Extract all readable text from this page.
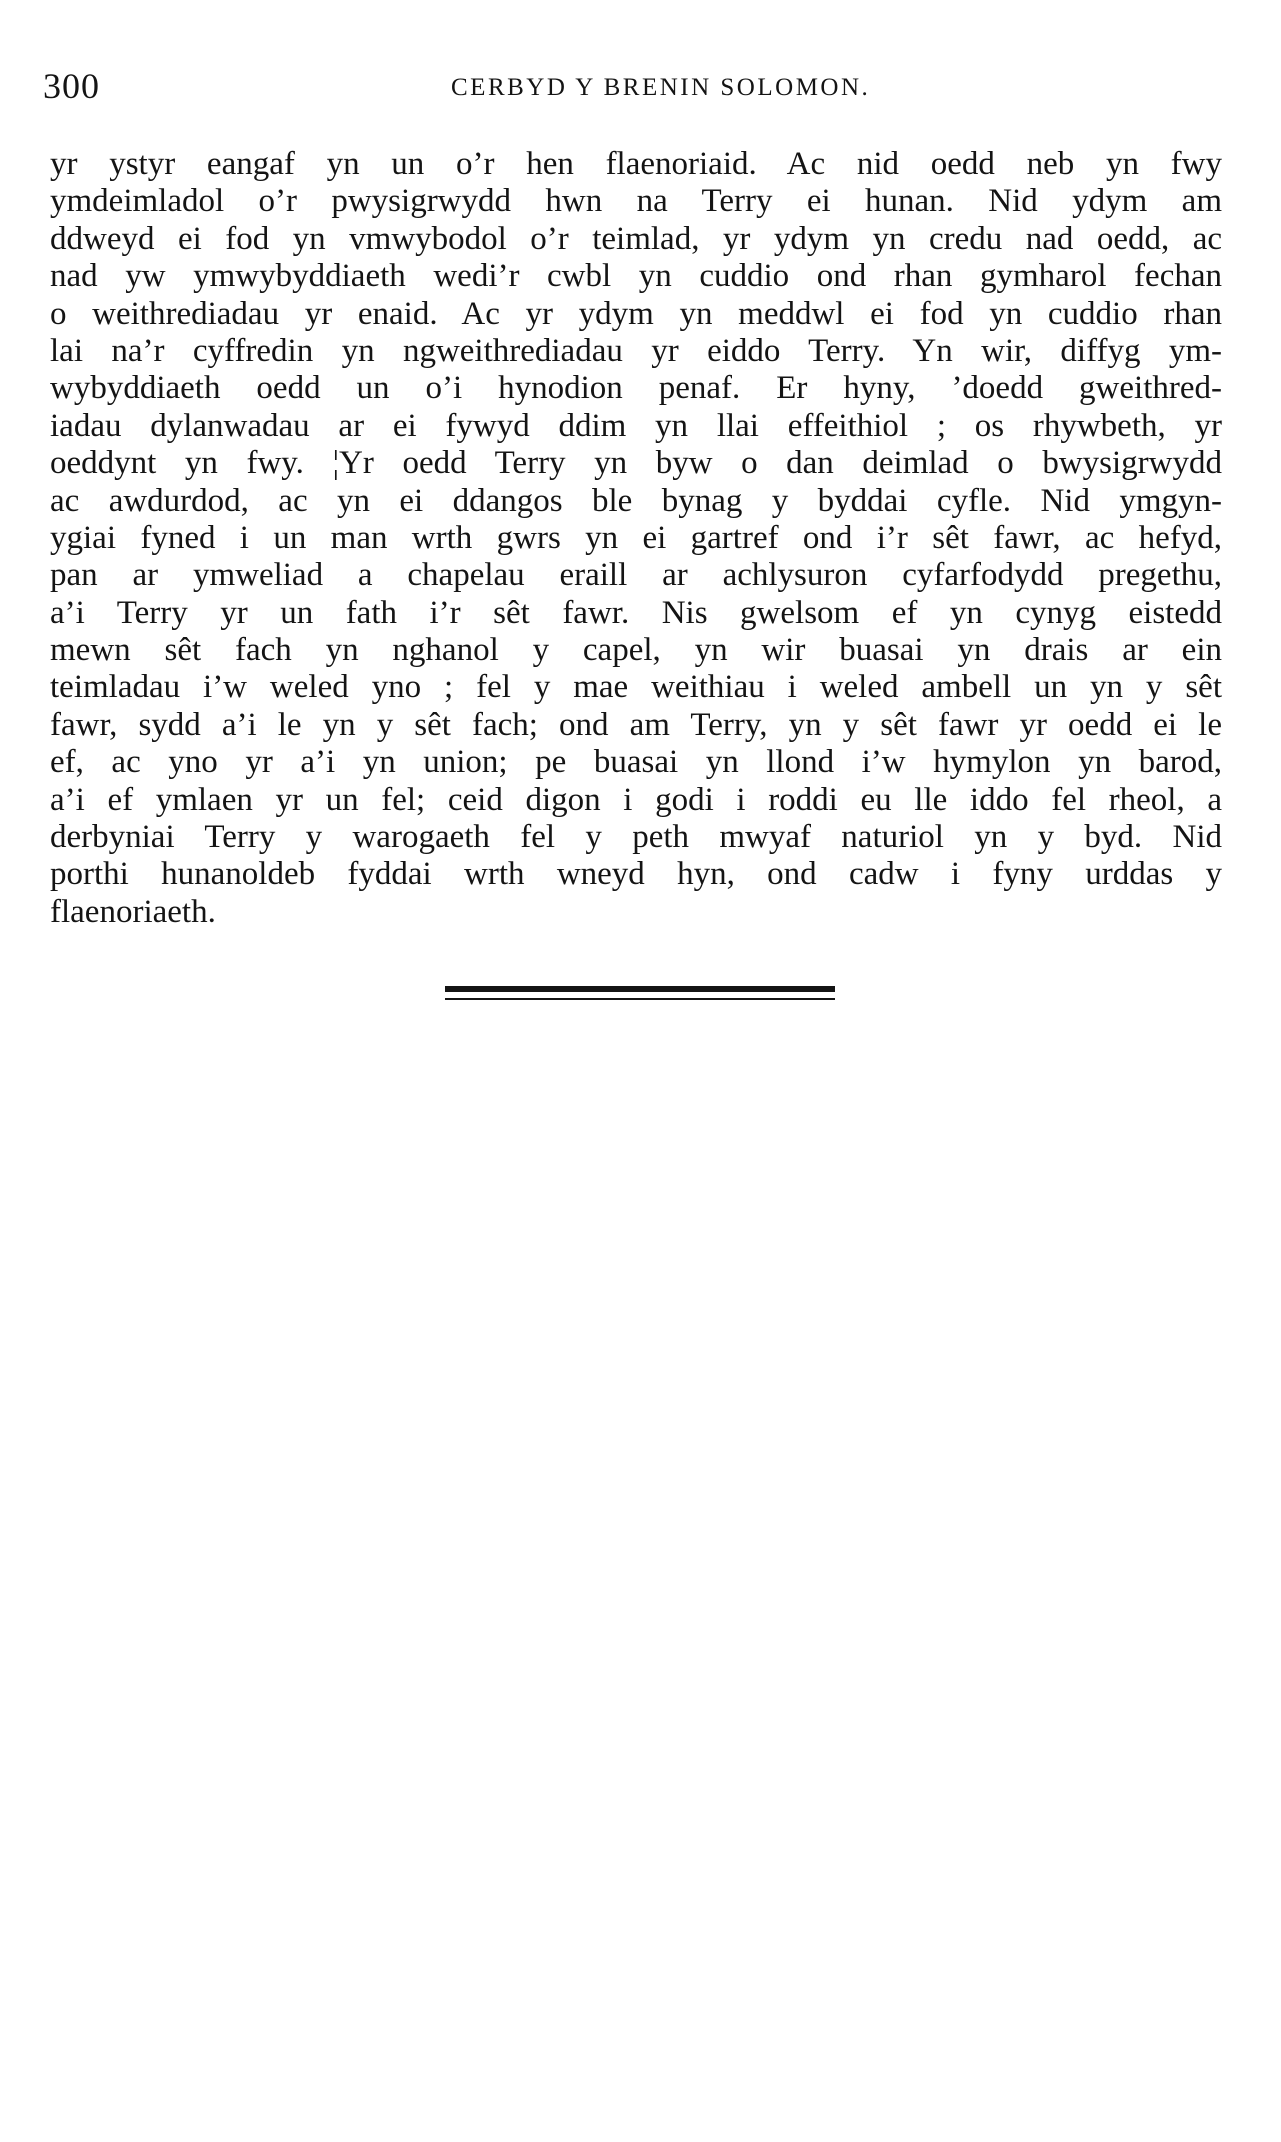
300	CERBYD Y BRENIN SOLOMON.
yr ystyr eangaf yn un o’r hen flaenoriaid. Ac nid oedd neb yn fwy
ymdeimladol o’r pwysigrwydd hwn na Terry ei hunan. Nid ydym am
ddweyd ei fod yn vmwybodol o’r teimlad, yr ydym yn credu nad oedd, ac
nad yw ymwybyddiaeth wedi’r cwbl yn cuddio ond rhan gymharol fechan
o weithrediadau yr enaid. Ac yr ydym yn meddwl ei fod yn cuddio rhan
lai na’r cyffredin yn ngweithrediadau yr eiddo Terry. Yn wir, diffyg ym-
wybyddiaeth oedd un o’i hynodion penaf. Er hyny, ’doedd gweithred-
iadau dylanwadau ar ei fywyd ddim yn llai effeithiol ; os rhywbeth, yr
oeddynt yn fwy. ¦Yr oedd Terry yn byw o dan deimlad o bwysigrwydd
ac awdurdod, ac yn ei ddangos ble bynag y byddai cyfle. Nid ymgyn-
ygiai fyned i un man wrth gwrs yn ei gartref ond i’r sêt fawr, ac hefyd,
pan ar ymweliad a chapelau eraill ar achlysuron cyfarfodydd pregethu,
a’i Terry yr un fath i’r sêt fawr. Nis gwelsom ef yn cynyg eistedd
mewn sêt fach yn nghanol y capel, yn wir buasai yn drais ar ein
teimladau i’w weled yno ; fel y mae weithiau i weled ambell un yn y sêt
fawr, sydd a’i le yn y sêt fach; ond am Terry, yn y sêt fawr yr oedd ei le
ef, ac yno yr a’i yn union; pe buasai yn llond i’w hymylon yn barod,
a’i ef ymlaen yr un fel; ceid digon i godi i roddi eu lle iddo fel rheol, a
derbyniai Terry y warogaeth fel y peth mwyaf naturiol yn y byd. Nid
porthi hunanoldeb fyddai wrth wneyd hyn, ond cadw i fyny urddas y
flaenoriaeth.
